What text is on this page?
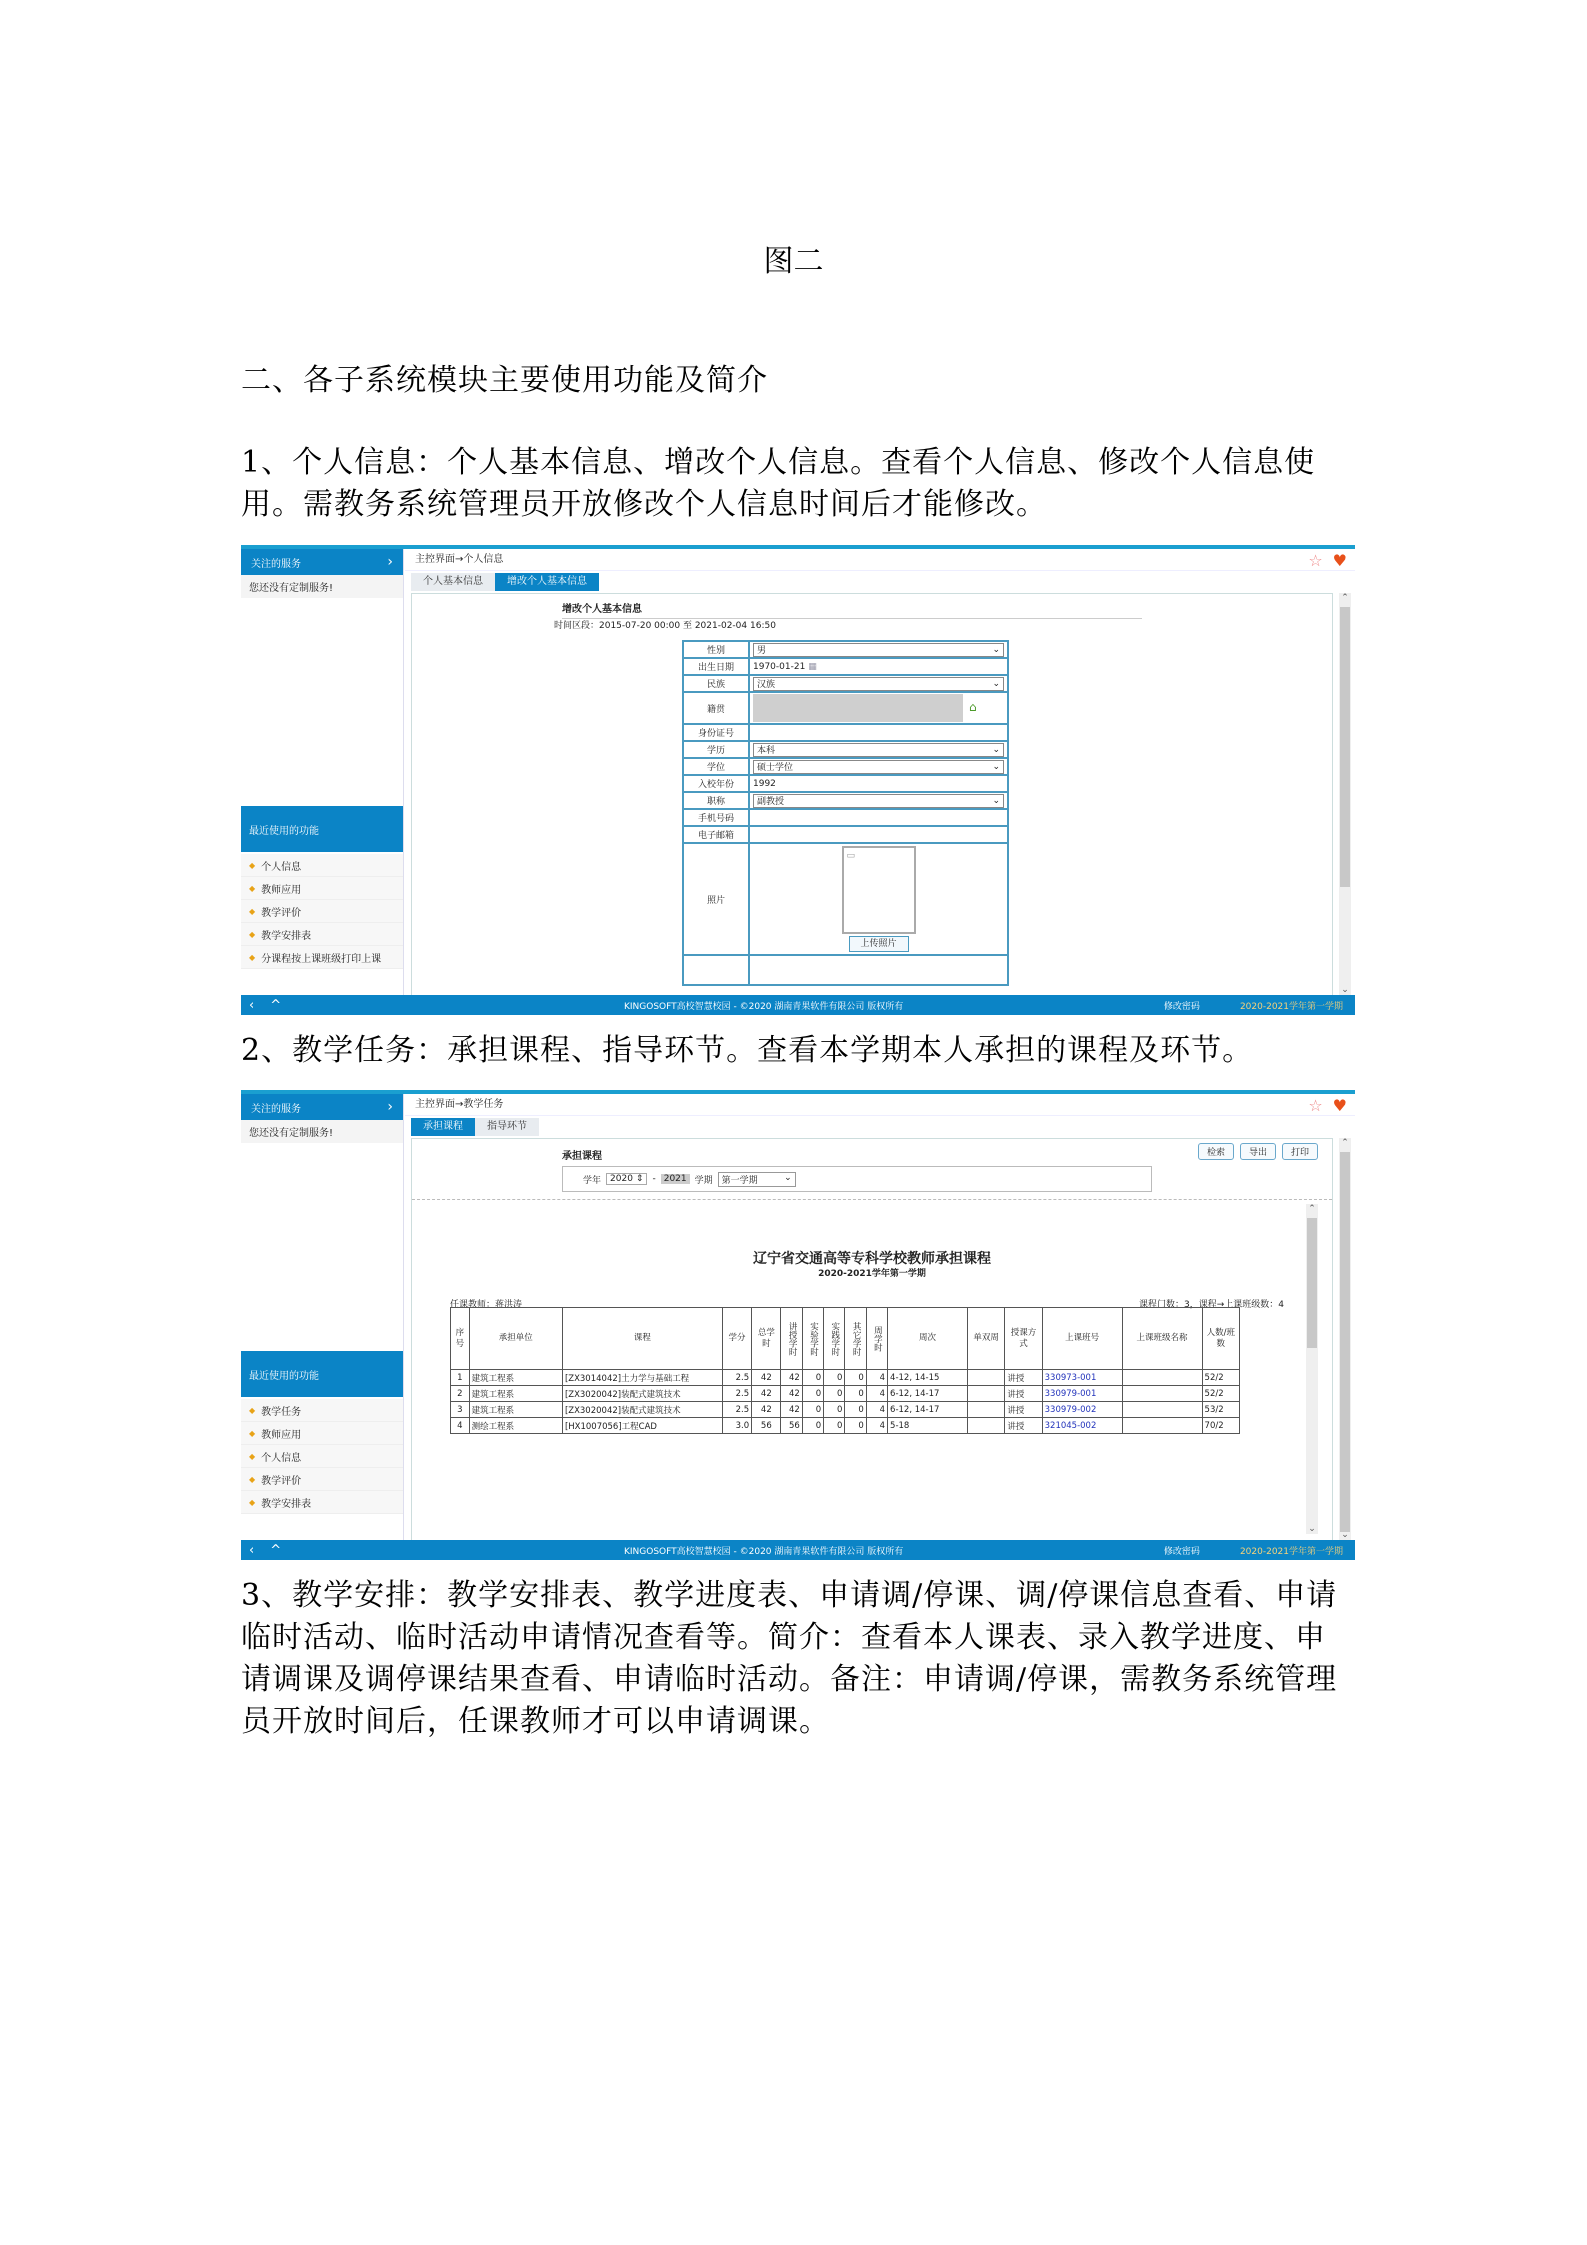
图二
二、各子系统模块主要使用功能及简介
1、个人信息：个人基本信息、增改个人信息。查看个人信息、修改个人信息使用。需教务系统管理员开放修改个人信息时间后才能修改。
关注的服务	›
您还没有定制服务!
最近使用的功能
◆ 个人信息
◆ 教师应用
◆ 教学评价
◆ 教学安排表
◆ 分课程按上课班级打印上课
主控界面→个人信息	☆ ♥
个人基本信息	增改个人基本信息
增改个人基本信息
时间区段：2015-07-20 00:00 至 2021-02-04 16:50
性别	男 ⌄

出生日期	1970-01-21 ▦
民族	汉族 ⌄

籍贯	⌂
身份证号	
学历	本科 ⌄

学位	硕士学位 ⌄

入校年份	1992
职称	副教授 ⌄

手机号码	
电子邮箱	
照片	▭
上传照片

⌃
⌄
‹ ^	KINGOSOFT高校智慧校园 - ©2020 湖南青果软件有限公司 版权所有	修改密码	2020-2021学年第一学期
2、教学任务：承担课程、指导环节。查看本学期本人承担的课程及环节。
关注的服务	›
您还没有定制服务!
最近使用的功能
◆ 教学任务
◆ 教师应用
◆ 个人信息
◆ 教学评价
◆ 教学安排表
主控界面→教学任务	☆ ♥
承担课程	指导环节
承担课程	检索	导出	打印
学年 2020 ⇕ - 2021 学期 第一学期	⌄
辽宁省交通高等专科学校教师承担课程
2020-2021学年第一学期
任课教师：蒋洪涛	课程门数：3，课程→上课班级数：4
序号	承担单位	课程	学分	总学时	讲授学时	实验学时	实践学时	其它学时	周学时	周次	单双周	授课方式	上课班号	上课班级名称	人数/班数
1	建筑工程系	[ZX3014042]土力学与基础工程	2.5	42	42	0	0	0	4	4-12, 14-15		讲授	330973-001		52/2
2	建筑工程系	[ZX3020042]装配式建筑技术	2.5	42	42	0	0	0	4	6-12, 14-17		讲授	330979-001		52/2
3	建筑工程系	[ZX3020042]装配式建筑技术	2.5	42	42	0	0	0	4	6-12, 14-17		讲授	330979-002		53/2
4	测绘工程系	[HX1007056]工程CAD	3.0	56	56	0	0	0	4	5-18		讲授	321045-002		70/2
⌃
⌄
⌃
⌄
‹ ^	KINGOSOFT高校智慧校园 - ©2020 湖南青果软件有限公司 版权所有	修改密码	2020-2021学年第一学期
3、教学安排：教学安排表、教学进度表、申请调/停课、调/停课信息查看、申请临时活动、临时活动申请情况查看等。简介：查看本人课表、录入教学进度、申请调课及调停课结果查看、申请临时活动。备注：申请调/停课，需教务系统管理员开放时间后，任课教师才可以申请调课。
